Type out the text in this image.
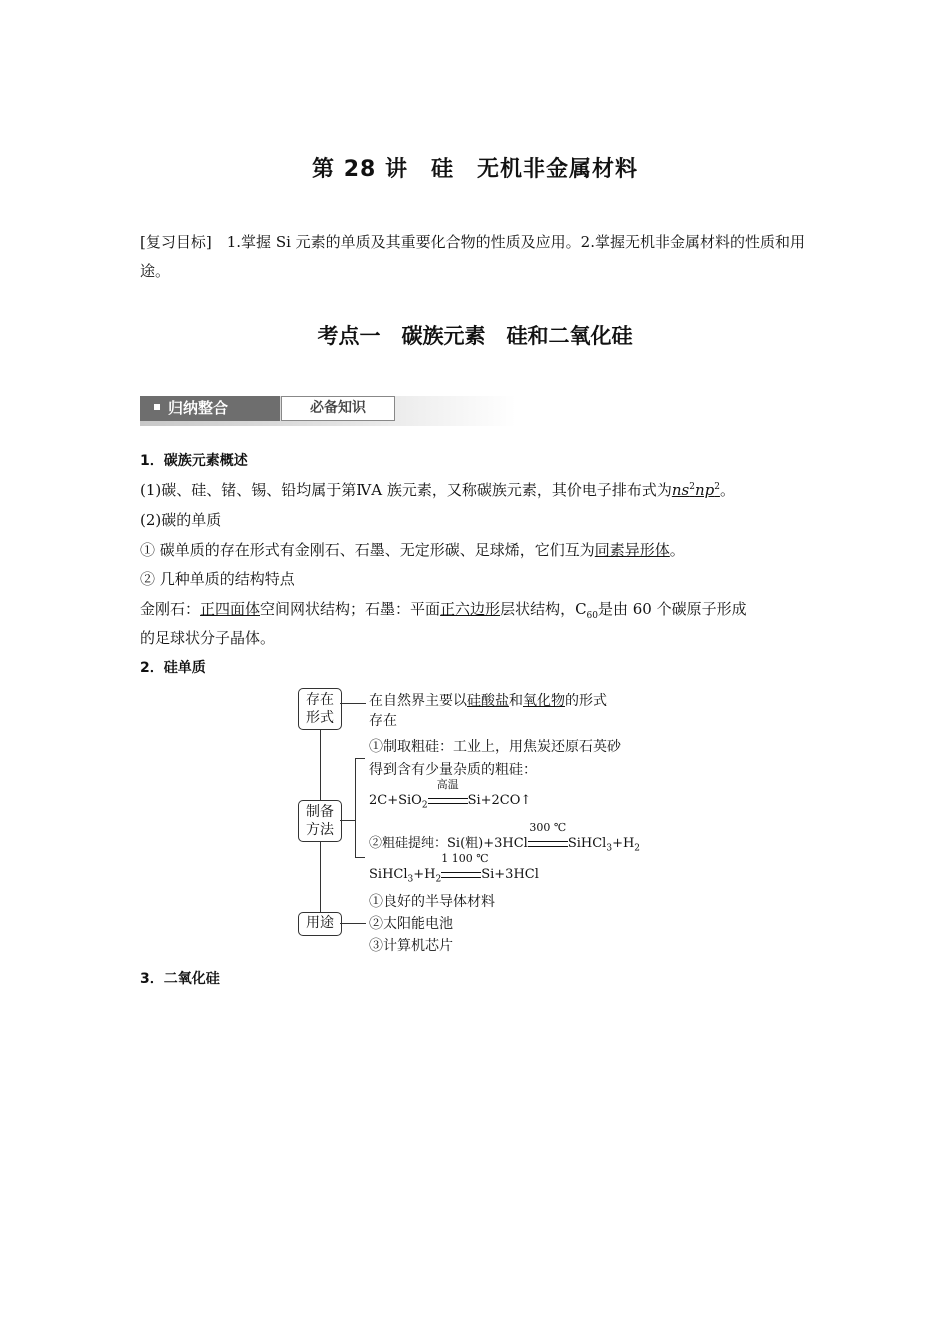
第 28 讲　硅　无机非金属材料
[复习目标]　 1.掌握 Si 元素的单质及其重要化合物的性质及应用。2.掌握无机非金属材料的性质和用途。
考点一　碳族元素　硅和二氧化硅
归纳整合	必备知识
1．碳族元素概述
(1)碳、硅、锗、锡、铅均属于第ⅣA 族元素，又称碳族元素，其价电子排布式为$ns^2np^2$。
(2)碳的单质
① 碳单质的存在形式有金刚石、石墨、无定形碳、足球烯，它们互为同素异形体。
② 几种单质的结构特点
金刚石：正四面体空间网状结构；石墨：平面正六边形层状结构，$C_{60}$是由 60 个碳原子形成
的足球状分子晶体。
2．硅单质
存在形式
在自然界主要以硅酸盐和氧化物的形式
存在
制备方法
①制取粗硅：工业上，用焦炭还原石英砂
得到含有少量杂质的粗硅：
2C+SiO$_2$
高温
Si+2CO↑
②粗硅提纯：Si(粗)+3HCl
300 ℃
$SiHCl_3+H_2$
$SiHCl_3+H_2$
1 100 ℃
Si+3HCl
用途
①良好的半导体材料
②太阳能电池
③计算机芯片
3．二氧化硅
